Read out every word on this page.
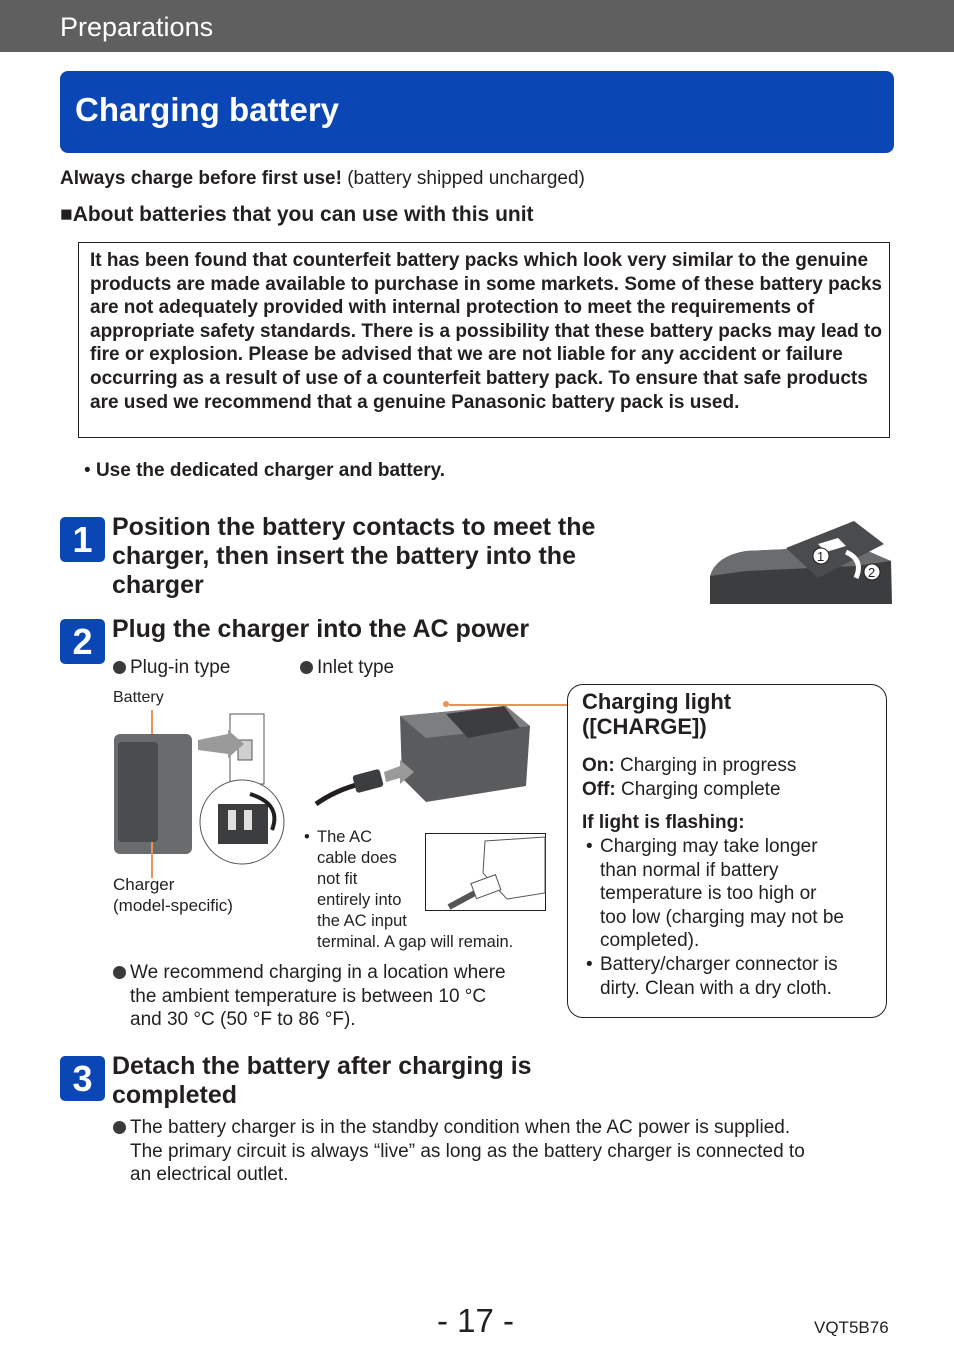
Preparations
Charging battery
Always charge before first use! (battery shipped uncharged)
■About batteries that you can use with this unit

It has been found that counterfeit battery packs which look very similar to the genuine products are made available to purchase in some markets. Some of these battery packs are not adequately provided with internal protection to meet the requirements of appropriate safety standards. There is a possibility that these battery packs may lead to fire or explosion. Please be advised that we are not liable for any accident or failure occurring as a result of use of a counterfeit battery pack. To ensure that safe products are used we recommend that a genuine Panasonic battery pack is used.

• Use the dedicated charger and battery.
1 Position the battery contacts to meet the
charger, then insert the battery into the
charger
1
2
2 Plug the charger into the AC power
Plug-in type	Inlet type
Battery
Charger
(model-specific)
• The AC
cable does
not fit
entirely into
the AC input
terminal. A gap will remain.
We recommend charging in a location where
the ambient temperature is between 10 °C
and 30 °C (50 °F to 86 °F).
Charging light
([CHARGE])
On: Charging in progress
Off: Charging complete
If light is flashing:
• Charging may take longer
than normal if battery
temperature is too high or
too low (charging may not be
completed).
• Battery/charger connector is
dirty. Clean with a dry cloth.
3 Detach the battery after charging is
completed
The battery charger is in the standby condition when the AC power is supplied.
The primary circuit is always “live” as long as the battery charger is connected to
an electrical outlet.
- 17 -	VQT5B76
